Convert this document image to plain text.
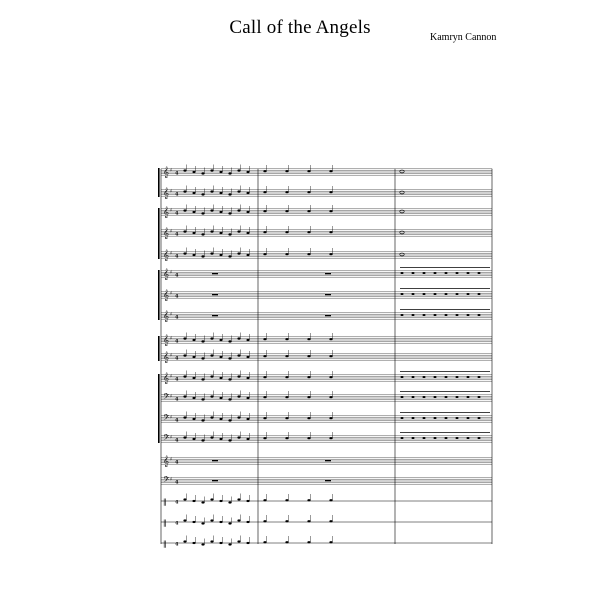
Call of the Angels	Kamryn Cannon
𝄞 ♯ 4
𝄞 ♯ 4
𝄞 ♯ 4
𝄞 ♯ 4
𝄞 ♯ 4
𝄞 ♯ 4
𝄞 ♯ 4
𝄞 ♯ 4
𝄞 ♯ 4
𝄞 ♯ 4
𝄞 ♯ 4
𝄢 ♯ 4
𝄢 ♯ 4
𝄢 ♯ 4
𝄞 ♯ 4
𝄢 ♯ 4
‖ 4
‖ 4
‖ 4
